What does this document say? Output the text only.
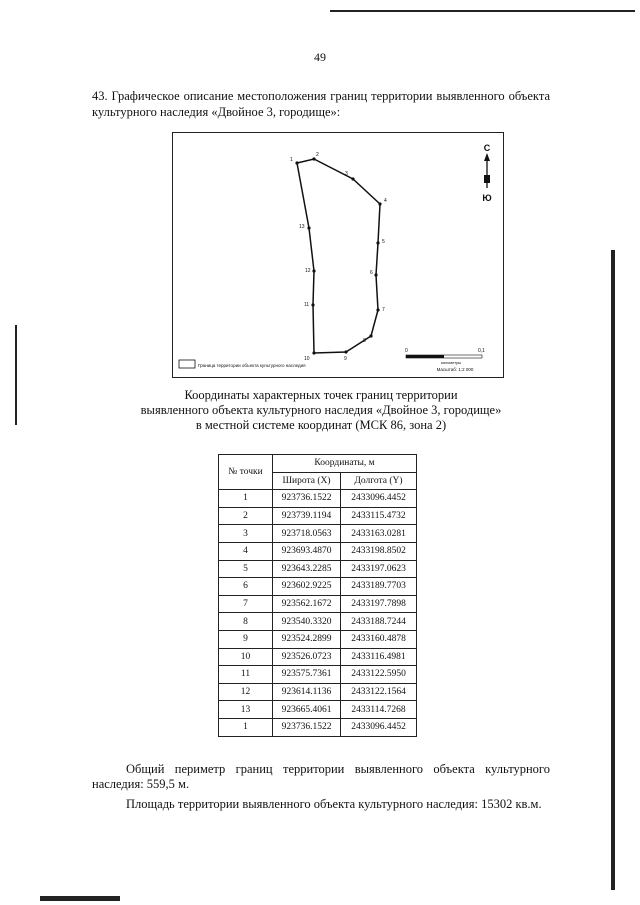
49
43. Графическое описание местоположения границ территории выявленного объекта культурного наследия «Двойное 3, городище»:
1
2
3
4
5
6
7
8
9
10
11
12
13
С
Ю
Граница территории объекта культурного наследия
0	0,1
километры
Масштаб: 1:2 000
Координаты характерных точек границ территории
выявленного объекта культурного наследия «Двойное 3, городище»
в местной системе координат (МСК 86, зона 2)
№ точки	Координаты, м	
	Широта (X)	Долгота (Y)
1	923736.1522	2433096.4452
2	923739.1194	2433115.4732
3	923718.0563	2433163.0281
4	923693.4870	2433198.8502
5	923643.2285	2433197.0623
6	923602.9225	2433189.7703
7	923562.1672	2433197.7898
8	923540.3320	2433188.7244
9	923524.2899	2433160.4878
10	923526.0723	2433116.4981
11	923575.7361	2433122.5950
12	923614.1136	2433122.1564
13	923665.4061	2433114.7268
1	923736.1522	2433096.4452
Общий периметр границ территории выявленного объекта культурного наследия: 559,5 м.
Площадь территории выявленного объекта культурного наследия: 15302 кв.м.
